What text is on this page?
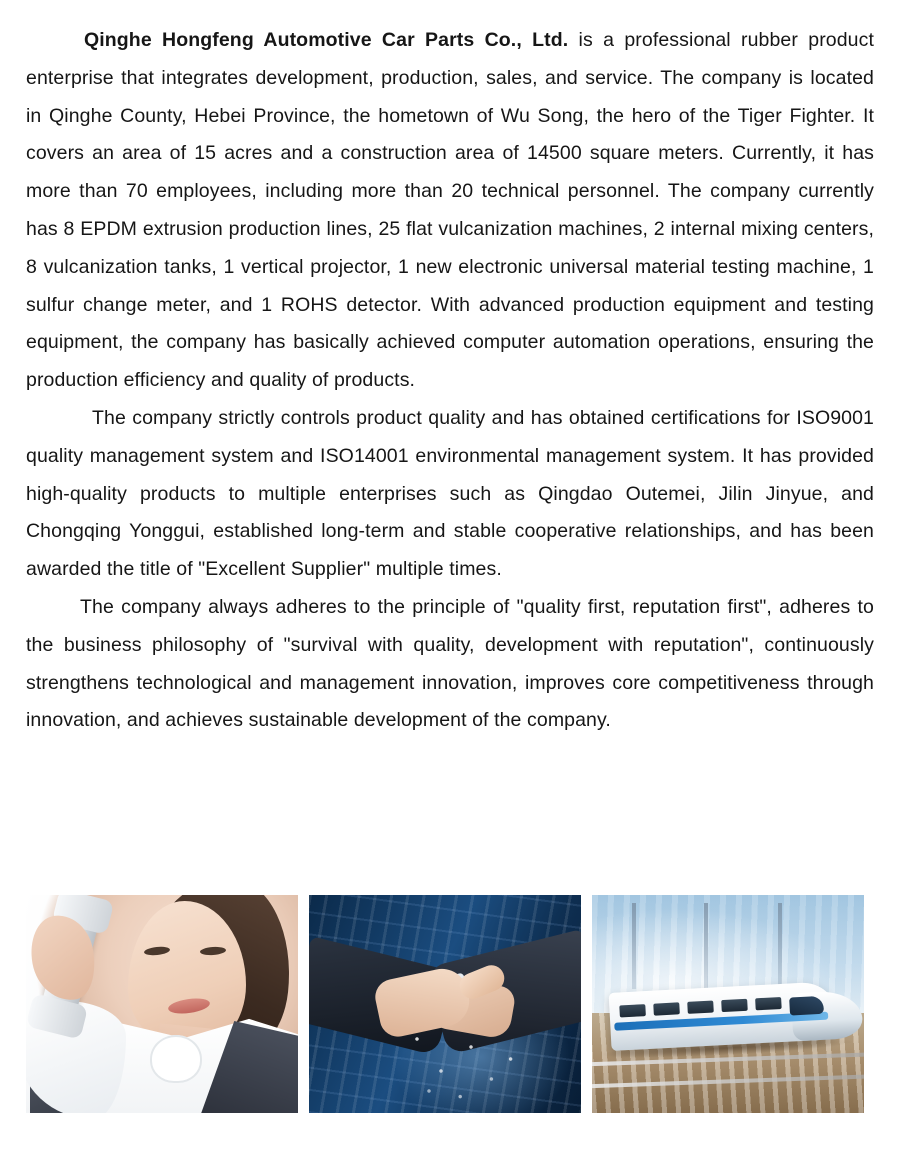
Qinghe Hongfeng Automotive Car Parts Co., Ltd. is a professional rubber product enterprise that integrates development, production, sales, and service. The company is located in Qinghe County, Hebei Province, the hometown of Wu Song, the hero of the Tiger Fighter. It covers an area of 15 acres and a construction area of 14500 square meters. Currently, it has more than 70 employees, including more than 20 technical personnel. The company currently has 8 EPDM extrusion production lines, 25 flat vulcanization machines, 2 internal mixing centers, 8 vulcanization tanks, 1 vertical projector, 1 new electronic universal material testing machine, 1 sulfur change meter, and 1 ROHS detector. With advanced production equipment and testing equipment, the company has basically achieved computer automation operations, ensuring the production efficiency and quality of products.

The company strictly controls product quality and has obtained certifications for ISO9001 quality management system and ISO14001 environmental management system. It has provided high-quality products to multiple enterprises such as Qingdao Outemei, Jilin Jinyue, and Chongqing Yonggui, established long-term and stable cooperative relationships, and has been awarded the title of "Excellent Supplier" multiple times.

The company always adheres to the principle of "quality first, reputation first", adheres to the business philosophy of "survival with quality, development with reputation", continuously strengthens technological and management innovation, improves core competitiveness through innovation, and achieves sustainable development of the company.
